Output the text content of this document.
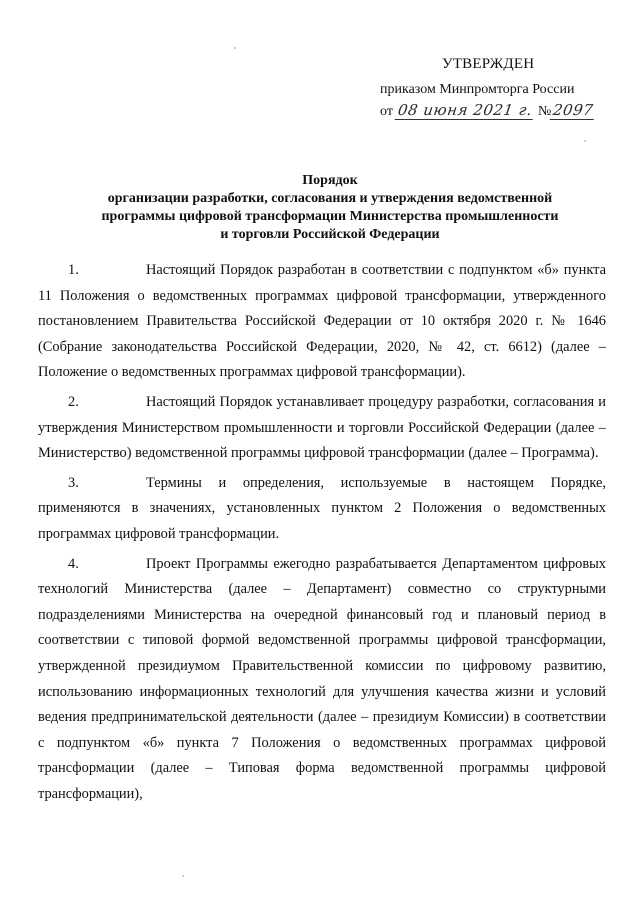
УТВЕРЖДЕН
приказом Минпромторга России
от 08 июня 2021 г. №2097
Порядок
организации разработки, согласования и утверждения ведомственной
программы цифровой трансформации Министерства промышленности
и торговли Российской Федерации

1.	Настоящий Порядок разработан в соответствии с подпунктом «б» пункта 11 Положения о ведомственных программах цифровой трансформации, утвержденного постановлением Правительства Российской Федерации от 10 октября 2020 г. № 1646 (Собрание законодательства Российской Федерации, 2020, № 42, ст. 6612) (далее – Положение о ведомственных программах цифровой трансформации).

2.	Настоящий Порядок устанавливает процедуру разработки, согласования и утверждения Министерством промышленности и торговли Российской Федерации (далее – Министерство) ведомственной программы цифровой трансформации (далее – Программа).

3.	Термины и определения, используемые в настоящем Порядке, применяются в значениях, установленных пунктом 2 Положения о ведомственных программах цифровой трансформации.

4.	Проект Программы ежегодно разрабатывается Департаментом цифровых технологий Министерства (далее – Департамент) совместно со структурными подразделениями Министерства на очередной финансовый год и плановый период в соответствии с типовой формой ведомственной программы цифровой трансформации, утвержденной президиумом Правительственной комиссии по цифровому развитию, использованию информационных технологий для улучшения качества жизни и условий ведения предпринимательской деятельности (далее – президиум Комиссии) в соответствии с подпунктом «б» пункта 7 Положения о ведомственных программах цифровой трансформации (далее – Типовая форма ведомственной программы цифровой трансформации),
